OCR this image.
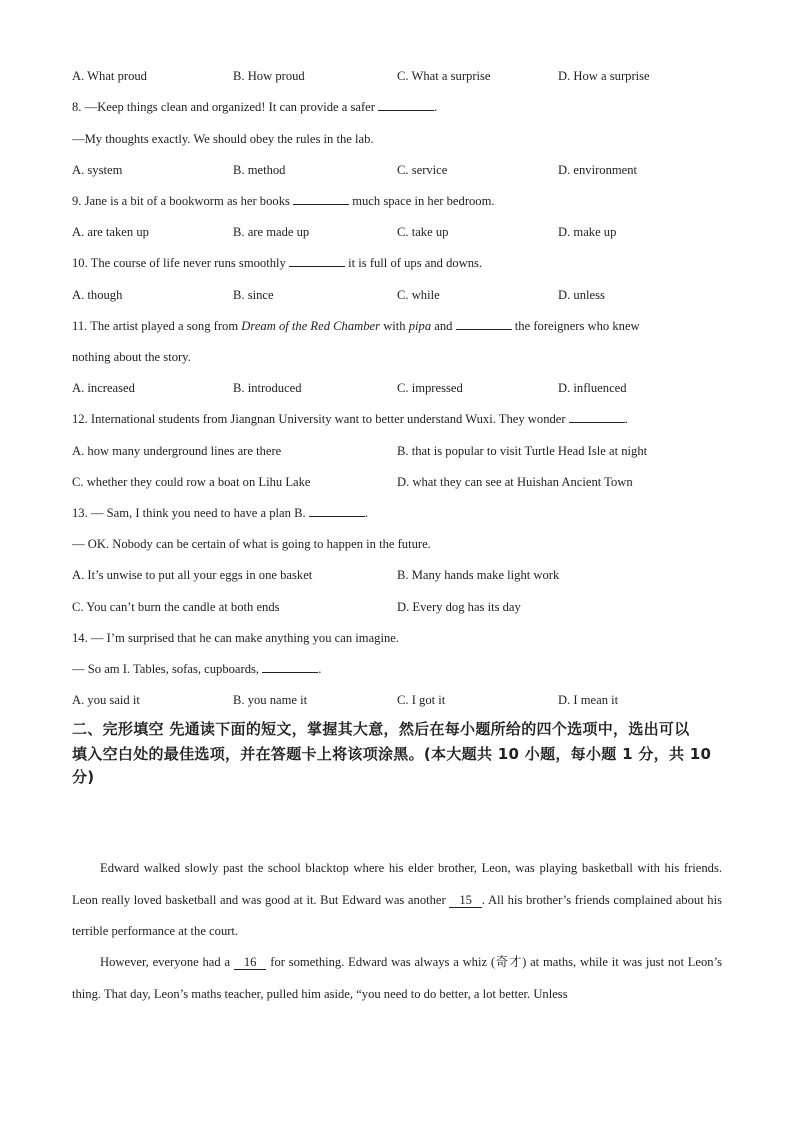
A. What proud	B. How proud	C. What a surprise	D. How a surprise
8. —Keep things clean and organized! It can provide a safer	.
—My thoughts exactly. We should obey the rules in the lab.
A. system	B. method	C. service	D. environment
9. Jane is a bit of a bookworm as her books	much space in her bedroom.
A. are taken up	B. are made up	C. take up	D. make up
10. The course of life never runs smoothly	it is full of ups and downs.
A. though	B. since	C. while	D. unless
11. The artist played a song from Dream of the Red Chamber with pipa and	the foreigners who knew
nothing about the story.
A. increased	B. introduced	C. impressed	D. influenced
12. International students from Jiangnan University want to better understand Wuxi. They wonder	.
A. how many underground lines are there	B. that is popular to visit Turtle Head Isle at night
C. whether they could row a boat on Lihu Lake	D. what they can see at Huishan Ancient Town
13. — Sam, I think you need to have a plan B.	.
— OK. Nobody can be certain of what is going to happen in the future.
A. It’s unwise to put all your eggs in one basket	B. Many hands make light work
C. You can’t burn the candle at both ends	D. Every dog has its day
14. — I’m surprised that he can make anything you can imagine.
— So am I. Tables, sofas, cupboards,	.
A. you said it	B. you name it	C. I got it	D. I mean it
二、完形填空 先通读下面的短文，掌握其大意，然后在每小题所给的四个选项中，选出可以
填入空白处的最佳选项，并在答题卡上将该项涂黑。(本大题共 10 小题，每小题 1 分，共 10
分)
Edward walked slowly past the school blacktop where his elder brother, Leon, was playing basketball with his friends. Leon really loved basketball and was good at it. But Edward was another 15 . All his brother’s friends complained about his terrible performance at the court.
However, everyone had a 16 for something. Edward was always a whiz (奇才) at maths, while it was just not Leon’s thing. That day, Leon’s maths teacher, pulled him aside, “you need to do better, a lot better. Unless
